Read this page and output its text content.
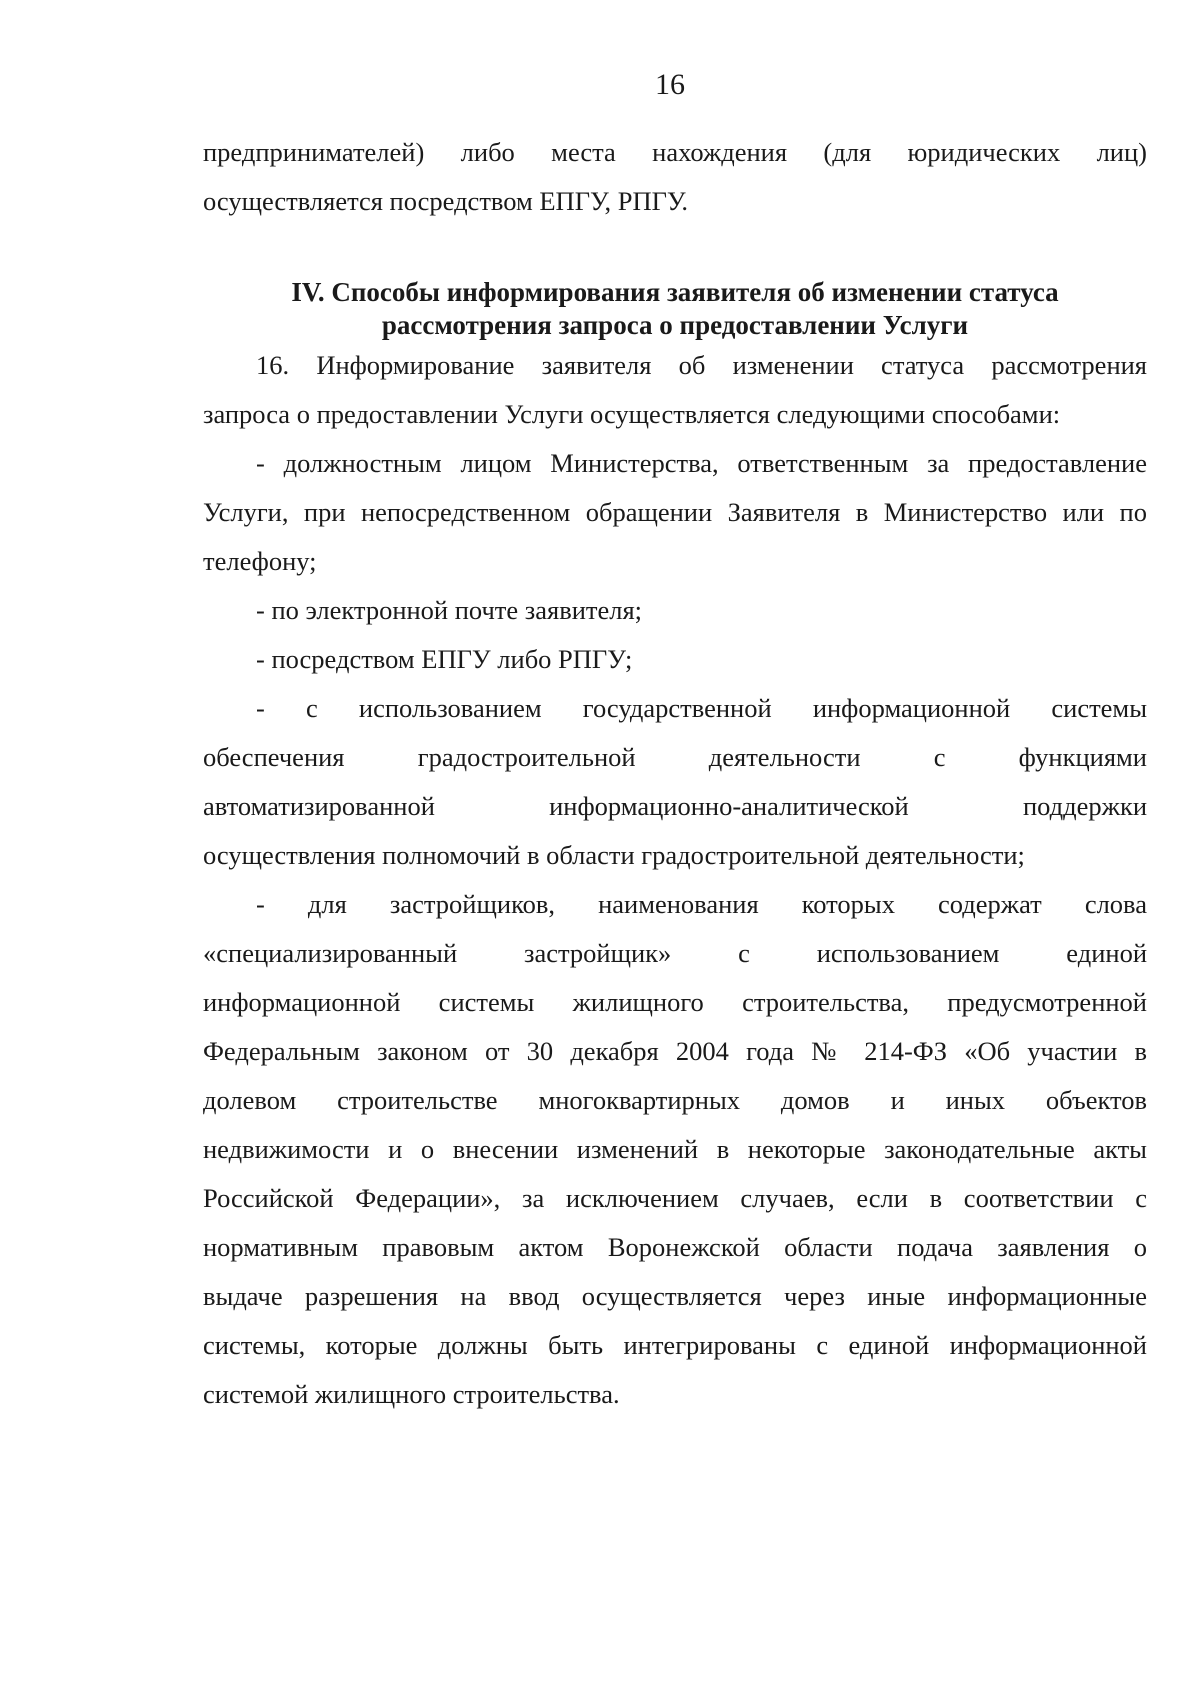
16
предпринимателей) либо места нахождения (для юридических лиц)
осуществляется посредством ЕПГУ, РПГУ.
IV. Способы информирования заявителя об изменении статуса
рассмотрения запроса о предоставлении Услуги
16. Информирование заявителя об изменении статуса рассмотрения
запроса о предоставлении Услуги осуществляется следующими способами:
- должностным лицом Министерства, ответственным за предоставление
Услуги, при непосредственном обращении Заявителя в Министерство или по
телефону;
- по электронной почте заявителя;
- посредством ЕПГУ либо РПГУ;
- с использованием государственной информационной системы
обеспечения градостроительной деятельности с функциями
автоматизированной информационно-аналитической поддержки
осуществления полномочий в области градостроительной деятельности;
- для застройщиков, наименования которых содержат слова
«специализированный застройщик» с использованием единой
информационной системы жилищного строительства, предусмотренной
Федеральным законом от 30 декабря 2004 года № 214-ФЗ «Об участии в
долевом строительстве многоквартирных домов и иных объектов
недвижимости и о внесении изменений в некоторые законодательные акты
Российской Федерации», за исключением случаев, если в соответствии с
нормативным правовым актом Воронежской области подача заявления о
выдаче разрешения на ввод осуществляется через иные информационные
системы, которые должны быть интегрированы с единой информационной
системой жилищного строительства.
